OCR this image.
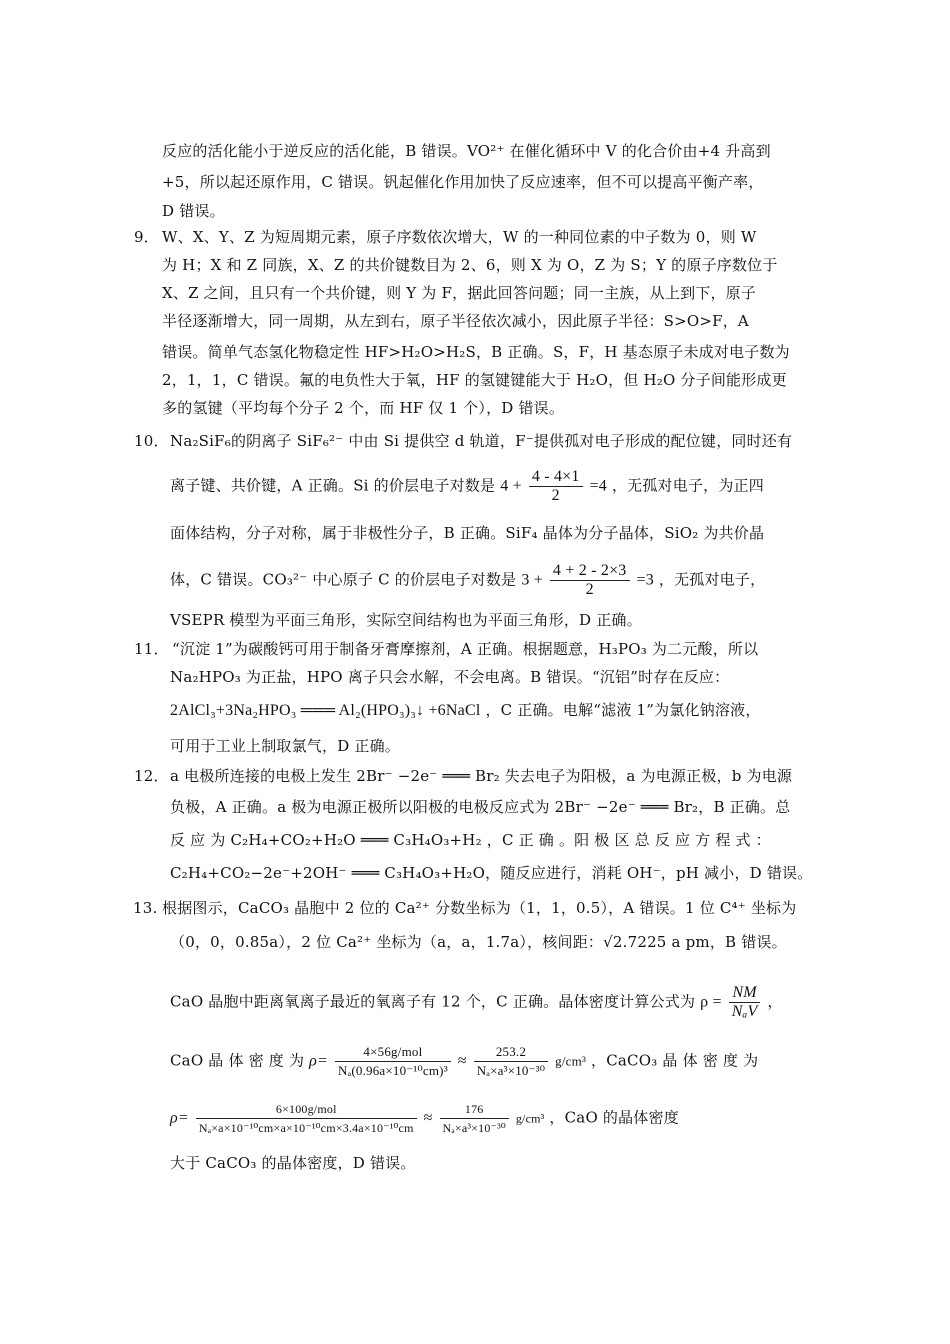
反应的活化能小于逆反应的活化能，B 错误。VO²⁺ 在催化循环中 V 的化合价由+4 升高到
+5，所以起还原作用，C 错误。钒起催化作用加快了反应速率，但不可以提高平衡产率，
D 错误。
9． W、X、Y、Z 为短周期元素，原子序数依次增大，W 的一种同位素的中子数为 0，则 W
为 H；X 和 Z 同族，X、Z 的共价键数目为 2、6，则 X 为 O，Z 为 S；Y 的原子序数位于
X、Z 之间，且只有一个共价键，则 Y 为 F，据此回答问题；同一主族，从上到下，原子
半径逐渐增大，同一周期，从左到右，原子半径依次减小，因此原子半径：S>O>F，A
错误。简单气态氢化物稳定性 HF>H₂O>H₂S，B 正确。S，F，H 基态原子未成对电子数为
2，1，1，C 错误。氟的电负性大于氧，HF 的氢键键能大于 H₂O，但 H₂O 分子间能形成更
多的氢键（平均每个分子 2 个，而 HF 仅 1 个），D 错误。
10． Na₂SiF₆的阴离子 SiF₆²⁻ 中由 Si 提供空 d 轨道，F⁻提供孤对电子形成的配位键，同时还有
离子键、共价键，A 正确。Si 的价层电子对数是 $4 + \frac{4 - 4\times 1}{2} =4$ ，无孤对电子，为正四
面体结构，分子对称，属于非极性分子，B 正确。SiF₄ 晶体为分子晶体，SiO₂ 为共价晶
体，C 错误。CO₃²⁻ 中心原子 C 的价层电子对数是 $3 + \frac{4 + 2 - 2\times 3}{2} =3$ ，无孤对电子，
VSEPR 模型为平面三角形，实际空间结构也为平面三角形，D 正确。
11． “沉淀 1”为碳酸钙可用于制备牙膏摩擦剂，A 正确。根据题意，H₃PO₃ 为二元酸，所以
Na₂HPO₃ 为正盐，HPO 离子只会水解，不会电离。B 错误。“沉铝”时存在反应：
2AlCl₃+3Na₂HPO₃ ═══ Al₂(HPO₃)₃↓ +6NaCl ，C 正确。电解“滤液 1”为氯化钠溶液，
可用于工业上制取氯气，D 正确。
12． a 电极所连接的电极上发生 2Br⁻ −2e⁻ ═══ Br₂ 失去电子为阳极，a 为电源正极，b 为电源
负极，A 正确。a 极为电源正极所以阳极的电极反应式为 2Br⁻ −2e⁻ ═══ Br₂，B 正确。总
反 应 为 C₂H₄+CO₂+H₂O ═══ C₃H₄O₃+H₂ ，C 正 确 。阳 极 区 总 反 应 方 程 式 ：
C₂H₄+CO₂−2e⁻+2OH⁻ ═══ C₃H₄O₃+H₂O，随反应进行，消耗 OH⁻，pH 减小，D 错误。
13. 根据图示，CaCO₃ 晶胞中 2 位的 Ca²⁺ 分数坐标为（1，1，0.5），A 错误。1 位 C⁴⁺ 坐标为
（0，0，0.85a），2 位 Ca²⁺ 坐标为（a，a，1.7a），核间距：√2.7225 a pm，B 错误。
CaO 晶胞中距离氧离子最近的氧离子有 12 个，C 正确。晶体密度计算公式为 $\rho = \frac{NM}{\text{NₐV}}$ ，
CaO 晶 体 密 度 为 $\rho= \frac{\text{4×56g/mol}}{\text{Nₐ(0.96a×10⁻¹⁰cm)³}} \approx \frac{253.2}{\text{Nₐ×a³×10⁻³⁰}} g/cm^3$ ，CaCO₃ 晶 体 密 度 为
$\rho= \frac{\text{6×100g/mol}}{\text{Nₐ×a×10⁻¹⁰cm×a×10⁻¹⁰cm×3.4a×10⁻¹⁰cm}} \approx \frac{176}{\text{Nₐ×a³×10⁻³⁰}} g/cm^3$ ，CaO 的晶体密度
大于 CaCO₃ 的晶体密度，D 错误。
